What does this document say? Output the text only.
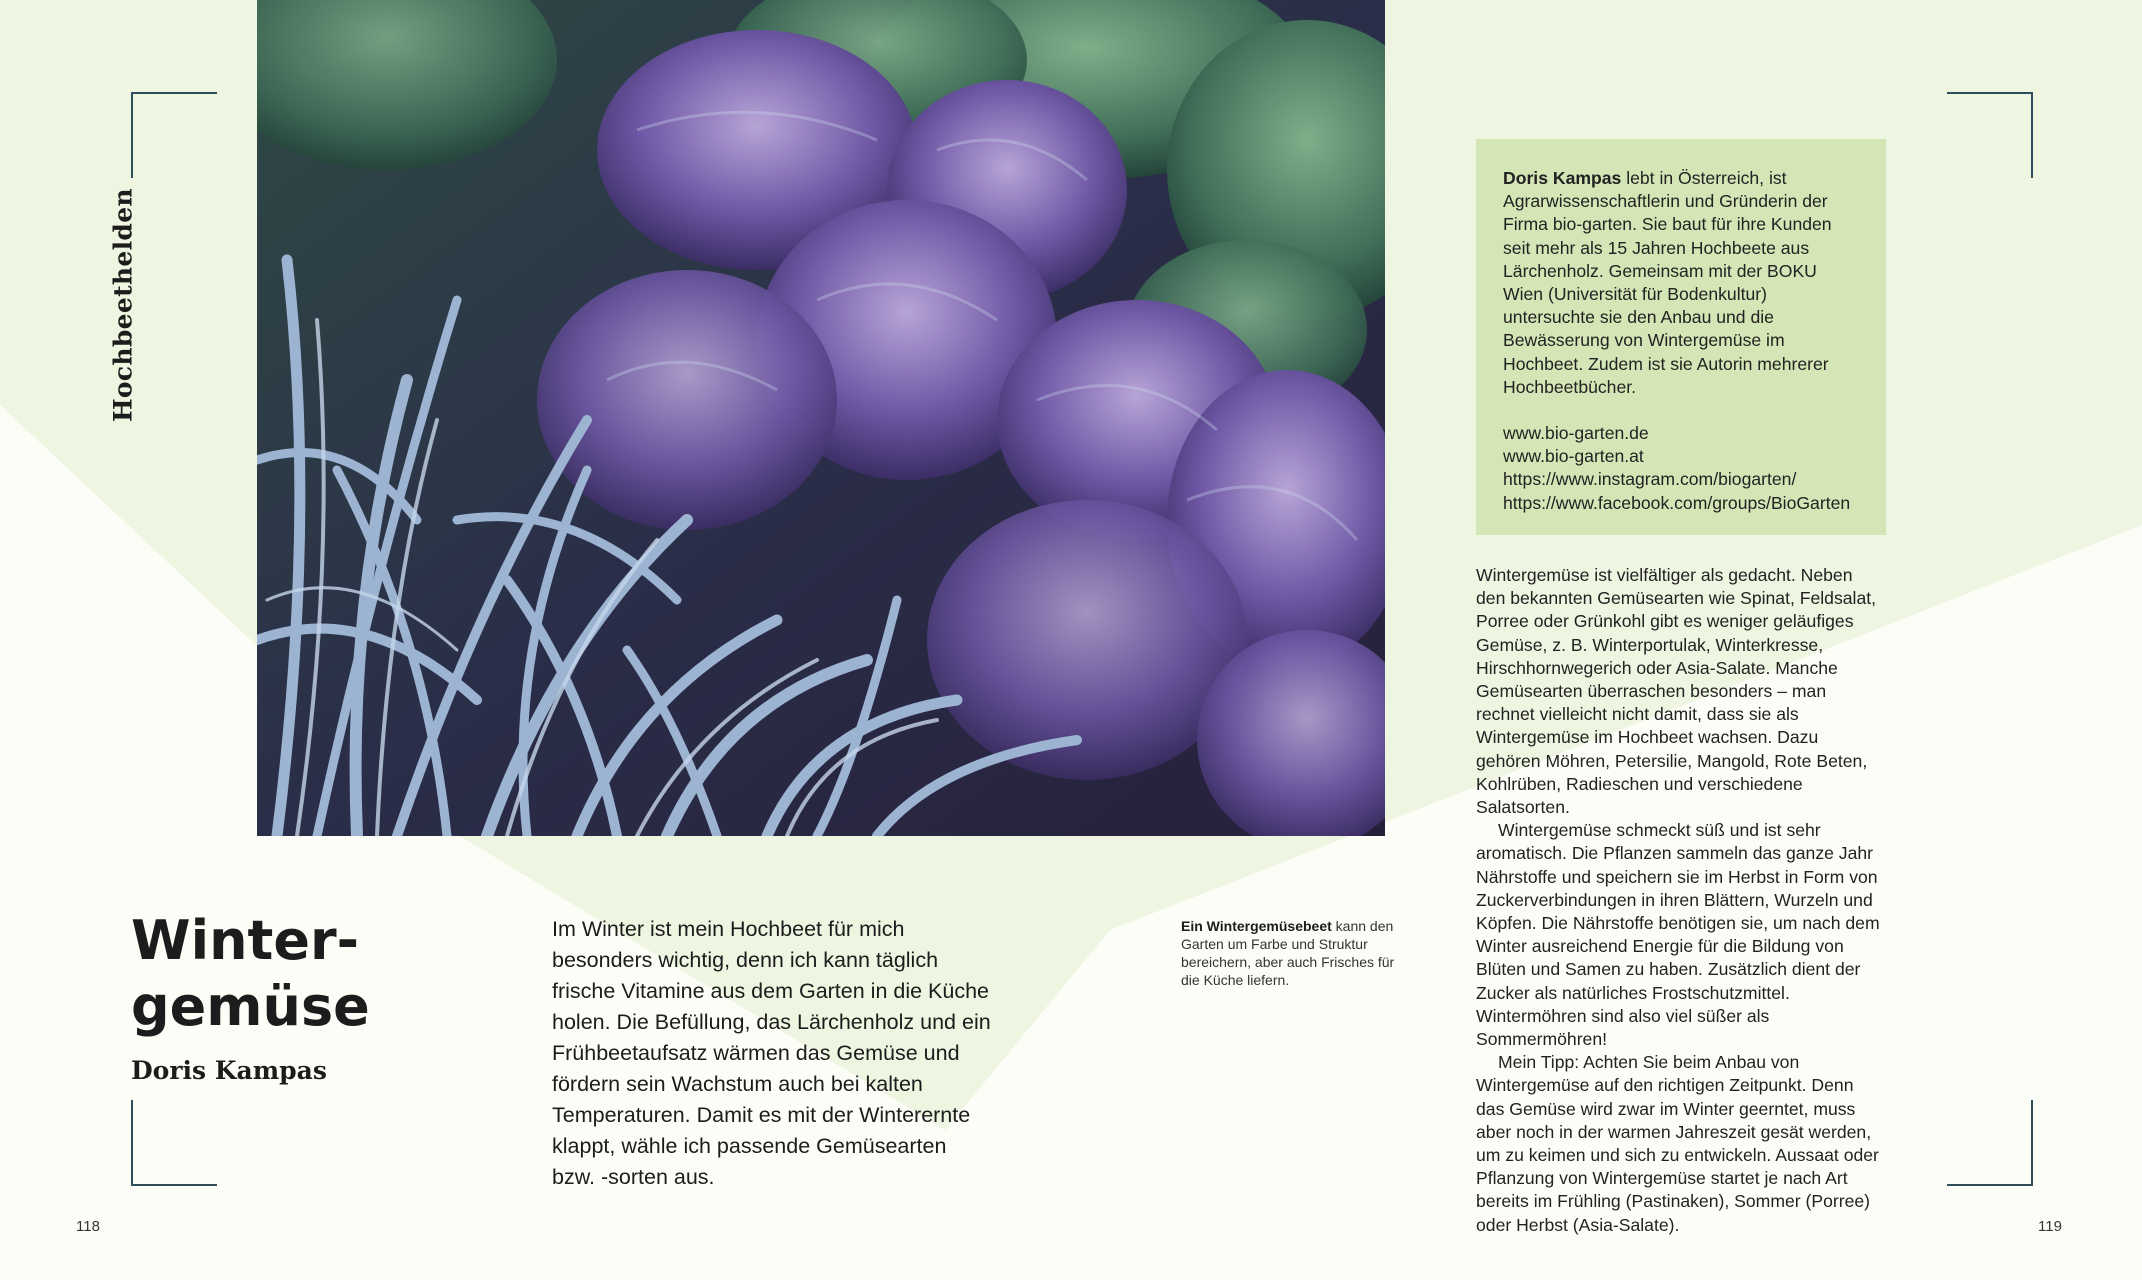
Hochbeethelden
Winter-
gemüse

Doris Kampas

Im Winter ist mein Hochbeet für mich besonders wichtig, denn ich kann täglich frische Vitamine aus dem Garten in die Küche holen. Die Befüllung, das Lärchenholz und ein Frühbeetaufsatz wärmen das Gemüse und fördern sein Wachstum auch bei kalten Temperaturen. Damit es mit der Winterernte klappt, wähle ich passende Gemüsearten bzw. -sorten aus.

Ein Wintergemüsebeet kann den Garten um Farbe und Struktur bereichern, aber auch Frisches für die Küche liefern.

Doris Kampas lebt in Österreich, ist Agrarwissenschaftlerin und Gründerin der Firma bio-garten. Sie baut für ihre Kunden seit mehr als 15 Jahren Hochbeete aus Lärchenholz. Gemeinsam mit der BOKU Wien (Universität für Bodenkultur) untersuchte sie den Anbau und die Bewässerung von Wintergemüse im Hochbeet. Zudem ist sie Autorin mehrerer Hochbeetbücher.

www.bio-garten.de
www.bio-garten.at
https://www.instagram.com/biogarten/
https://www.facebook.com/groups/BioGarten

Wintergemüse ist vielfältiger als gedacht. Neben den bekannten Gemüsearten wie Spinat, Feldsalat, Porree oder Grünkohl gibt es weniger geläufiges Gemüse, z. B. Winterportulak, Winterkresse, Hirschhornwegerich oder Asia-Salate. Manche Gemüsearten überraschen besonders – man rechnet vielleicht nicht damit, dass sie als Wintergemüse im Hochbeet wachsen. Dazu gehören Möhren, Petersilie, Mangold, Rote Beten, Kohlrüben, Radieschen und verschiedene Salatsorten.

Wintergemüse schmeckt süß und ist sehr aromatisch. Die Pflanzen sammeln das ganze Jahr Nährstoffe und speichern sie im Herbst in Form von Zuckerverbindungen in ihren Blättern, Wurzeln und Köpfen. Die Nährstoffe benötigen sie, um nach dem Winter ausreichend Energie für die Bildung von Blüten und Samen zu haben. Zusätzlich dient der Zucker als natürliches Frostschutzmittel. Wintermöhren sind also viel süßer als Sommermöhren!

Mein Tipp: Achten Sie beim Anbau von Wintergemüse auf den richtigen Zeitpunkt. Denn das Gemüse wird zwar im Winter geerntet, muss aber noch in der warmen Jahreszeit gesät werden, um zu keimen und sich zu entwickeln. Aussaat oder Pflanzung von Wintergemüse startet je nach Art bereits im Frühling (Pastinaken), Sommer (Porree) oder Herbst (Asia-Salate).

118	119
